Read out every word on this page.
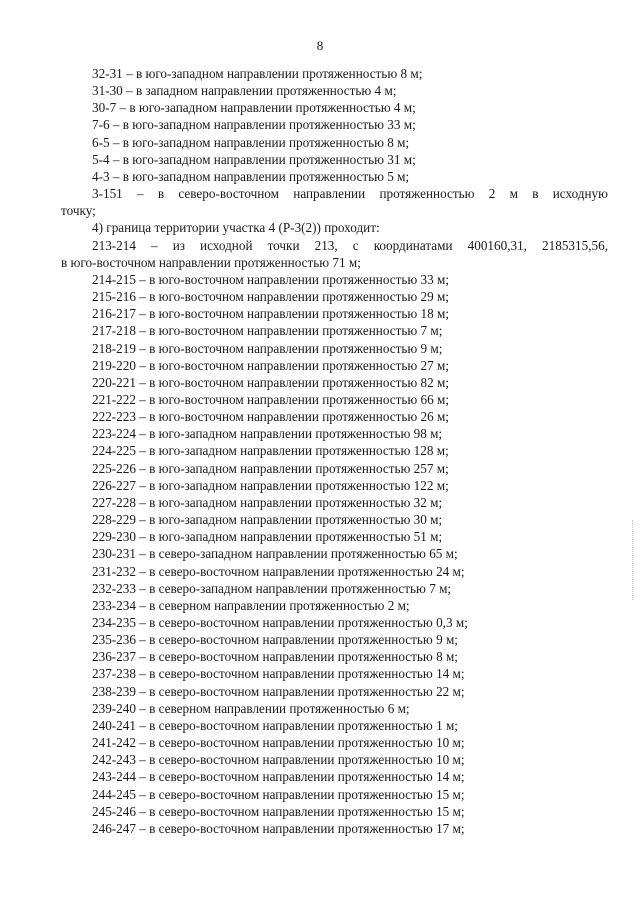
8
32-31 – в юго-западном направлении протяженностью 8 м;
31-30 – в западном направлении протяженностью 4 м;
30-7 – в юго-западном направлении протяженностью 4 м;
7-6 – в юго-западном направлении протяженностью 33 м;
6-5 – в юго-западном направлении протяженностью 8 м;
5-4 – в юго-западном направлении протяженностью 31 м;
4-3 – в юго-западном направлении протяженностью 5 м;
3-151 – в северо-восточном направлении протяженностью 2 м в исходную
точку;
4) граница территории участка 4 (Р-3(2)) проходит:
213-214 – из исходной точки 213, с координатами 400160,31, 2185315,56,
в юго-восточном направлении протяженностью 71 м;
214-215 – в юго-восточном направлении протяженностью 33 м;
215-216 – в юго-восточном направлении протяженностью 29 м;
216-217 – в юго-восточном направлении протяженностью 18 м;
217-218 – в юго-восточном направлении протяженностью 7 м;
218-219 – в юго-восточном направлении протяженностью 9 м;
219-220 – в юго-восточном направлении протяженностью 27 м;
220-221 – в юго-восточном направлении протяженностью 82 м;
221-222 – в юго-восточном направлении протяженностью 66 м;
222-223 – в юго-восточном направлении протяженностью 26 м;
223-224 – в юго-западном направлении протяженностью 98 м;
224-225 – в юго-западном направлении протяженностью 128 м;
225-226 – в юго-западном направлении протяженностью 257 м;
226-227 – в юго-западном направлении протяженностью 122 м;
227-228 – в юго-западном направлении протяженностью 32 м;
228-229 – в юго-западном направлении протяженностью 30 м;
229-230 – в юго-западном направлении протяженностью 51 м;
230-231 – в северо-западном направлении протяженностью 65 м;
231-232 – в северо-восточном направлении протяженностью 24 м;
232-233 – в северо-западном направлении протяженностью 7 м;
233-234 – в северном направлении протяженностью 2 м;
234-235 – в северо-восточном направлении протяженностью 0,3 м;
235-236 – в северо-восточном направлении протяженностью 9 м;
236-237 – в северо-восточном направлении протяженностью 8 м;
237-238 – в северо-восточном направлении протяженностью 14 м;
238-239 – в северо-восточном направлении протяженностью 22 м;
239-240 – в северном направлении протяженностью 6 м;
240-241 – в северо-восточном направлении протяженностью 1 м;
241-242 – в северо-восточном направлении протяженностью 10 м;
242-243 – в северо-восточном направлении протяженностью 10 м;
243-244 – в северо-восточном направлении протяженностью 14 м;
244-245 – в северо-восточном направлении протяженностью 15 м;
245-246 – в северо-восточном направлении протяженностью 15 м;
246-247 – в северо-восточном направлении протяженностью 17 м;
